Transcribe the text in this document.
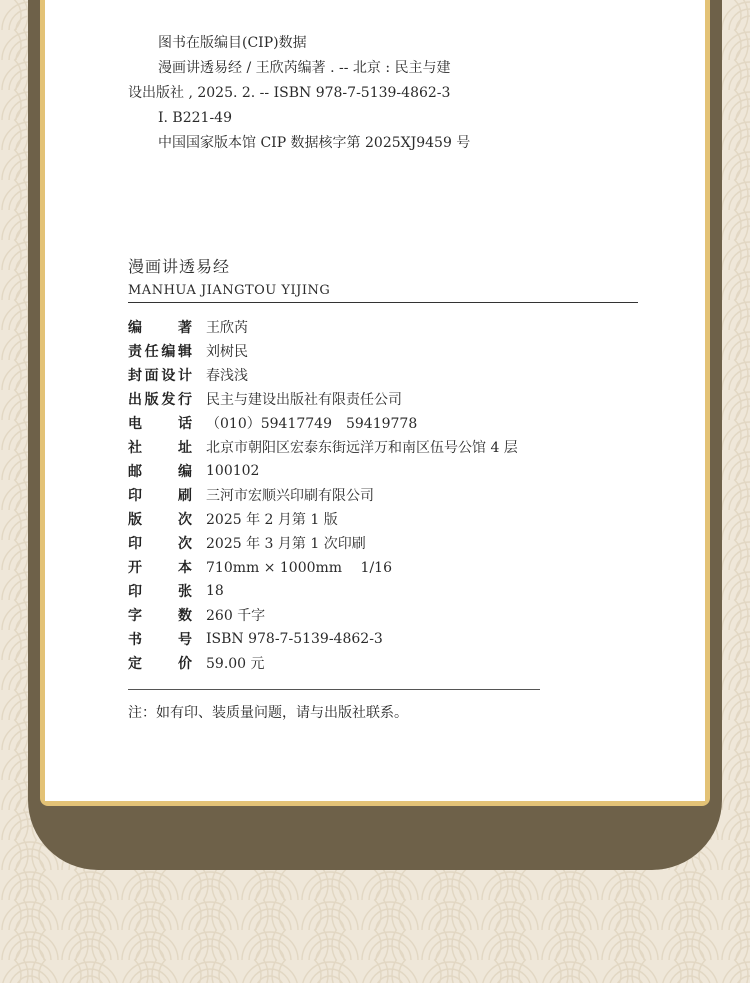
图书在版编目(CIP)数据
漫画讲透易经 / 王欣芮编著 . -- 北京 : 民主与建
设出版社 , 2025. 2. -- ISBN 978-7-5139-4862-3
Ⅰ. B221-49
中国国家版本馆 CIP 数据核字第 2025XJ9459 号
漫画讲透易经
MANHUA JIANGTOU YIJING
编著 王欣芮
责任编辑 刘树民
封面设计 春浅浅
出版发行 民主与建设出版社有限责任公司
电话 （010）59417749　59419778
社址 北京市朝阳区宏泰东街远洋万和南区伍号公馆 4 层
邮编 100102
印刷 三河市宏顺兴印刷有限公司
版次 2025 年 2 月第 1 版
印次 2025 年 3 月第 1 次印刷
开本 710mm × 1000mm　 1/16
印张 18
字数 260 千字
书号 ISBN 978-7-5139-4862-3
定价 59.00 元
注：如有印、装质量问题，请与出版社联系。
